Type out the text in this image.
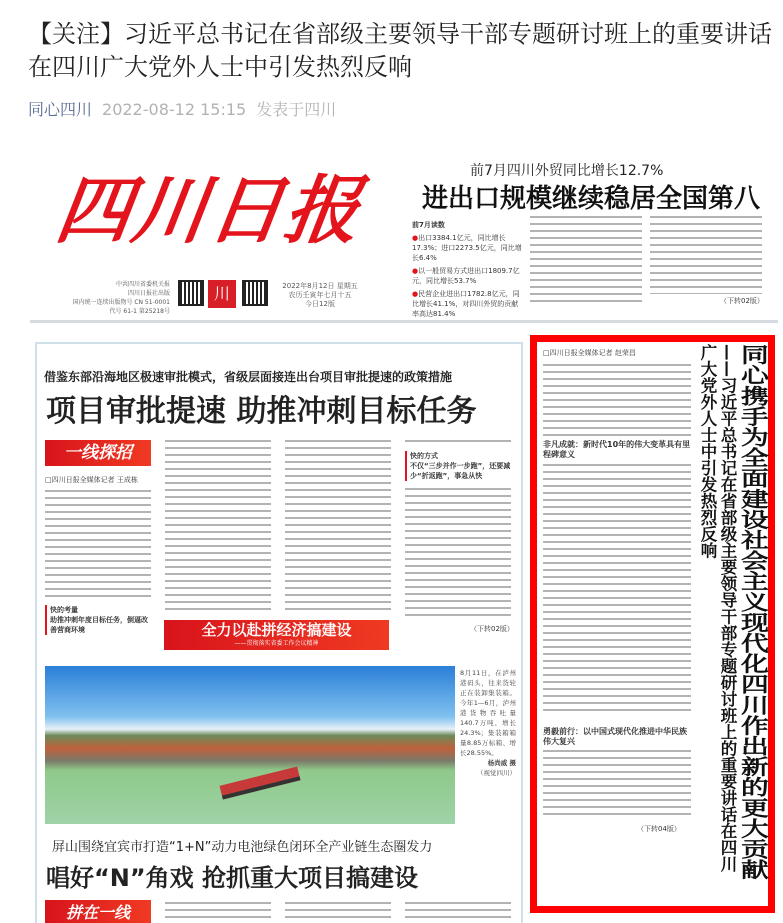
【关注】习近平总书记在省部级主要领导干部专题研讨班上的重要讲话在四川广大党外人士中引发热烈反响
同心四川 2022-08-12 15:15 发表于四川
四川日报
中共四川省委机关报
四川日报社出版
国内统一连续出版物号 CN 51-0001
代号 61-1 第25218号
川	2022年8月12日 星期五
农历壬寅年七月十五
今日12版
前7月四川外贸同比增长12.7%
进出口规模继续稳居全国第八
前7月读数
●出口3384.1亿元，同比增长17.3%；进口2273.5亿元，同比增长6.4%
●以一般贸易方式进出口1809.7亿元，同比增长53.7%
●民营企业进出口1782.8亿元，同比增长41.1%，对四川外贸的贡献率高达81.4%
（下转02版）
借鉴东部沿海地区极速审批模式，省级层面接连出台项目审批提速的政策措施
项目审批提速 助推冲刺目标任务
一线探招
□四川日报全媒体记者 王成栋
快的考量
助推冲刺年度目标任务，倒逼改善营商环境
快的方式
不仅“三步并作一步跑”，还要减少“折返跑”，事急从快
（下转02版）
全力以赴拼经济搞建设
——贯彻落实省委工作会议精神
8月11日，在泸州港码头，往来货轮正在装卸集装箱。今年1—6月，泸州港货物吞吐量140.7万吨、增长24.3%；集装箱箱量8.85万标箱、增长28.55%。
杨尚威 摄
（视觉四川）
屏山围绕宜宾市打造“1+N”动力电池绿色闭环全产业链生态圈发力
唱好“N”角戏 抢抓重大项目搞建设
拼在一线
□四川日报全媒体记者 赵荣昌
非凡成就：新时代10年的伟大变革具有里程碑意义
勇毅前行：以中国式现代化推进中华民族伟大复兴
（下转04版）	——习近平总书记在省部级主要领导干部专题研讨班上的重要讲话在四川
广大党外人士中引发热烈反响 同心携手为全面建设社会主义现代化四川作出新的更大贡献
